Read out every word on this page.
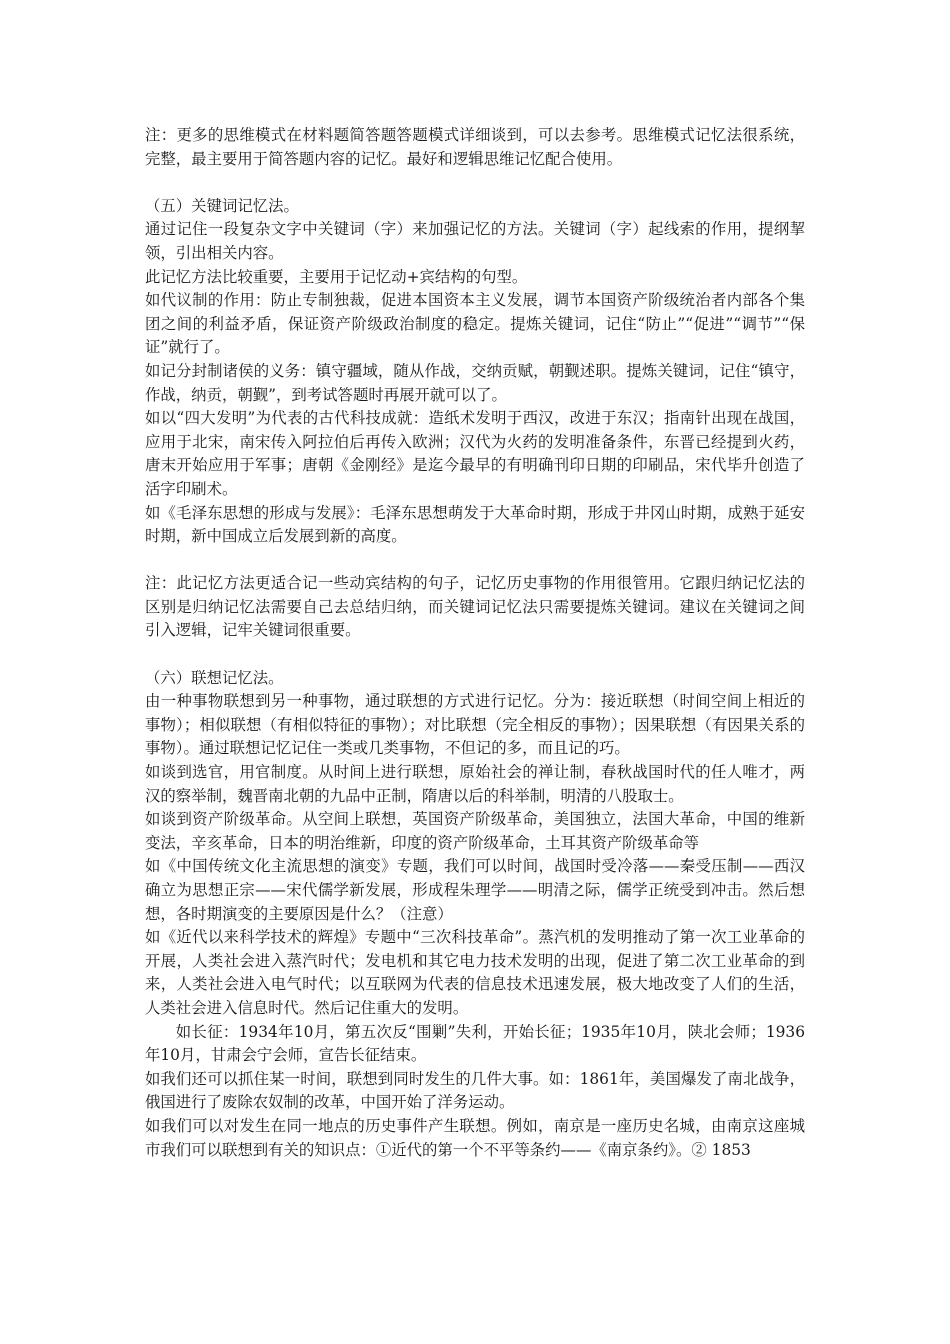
注：更多的思维模式在材料题简答题答题模式详细谈到，可以去参考。思维模式记忆法很系统，完整，最主要用于简答题内容的记忆。最好和逻辑思维记忆配合使用。

（五）关键词记忆法。

通过记住一段复杂文字中关键词（字）来加强记忆的方法。关键词（字）起线索的作用，提纲挈领，引出相关内容。

此记忆方法比较重要，主要用于记忆动+宾结构的句型。

如代议制的作用：防止专制独裁，促进本国资本主义发展，调节本国资产阶级统治者内部各个集团之间的利益矛盾，保证资产阶级政治制度的稳定。提炼关键词，记住“防止”“促进”“调节”“保证”就行了。

如记分封制诸侯的义务：镇守疆域，随从作战，交纳贡赋，朝觐述职。提炼关键词，记住“镇守，作战，纳贡，朝觐”，到考试答题时再展开就可以了。

如以“四大发明”为代表的古代科技成就：造纸术发明于西汉，改进于东汉；指南针出现在战国，应用于北宋，南宋传入阿拉伯后再传入欧洲；汉代为火药的发明准备条件，东晋已经提到火药，唐末开始应用于军事；唐朝《金刚经》是迄今最早的有明确刊印日期的印刷品，宋代毕升创造了活字印刷术。

如《毛泽东思想的形成与发展》：毛泽东思想萌发于大革命时期，形成于井冈山时期，成熟于延安时期，新中国成立后发展到新的高度。

注：此记忆方法更适合记一些动宾结构的句子，记忆历史事物的作用很管用。它跟归纳记忆法的区别是归纳记忆法需要自己去总结归纳，而关键词记忆法只需要提炼关键词。建议在关键词之间引入逻辑，记牢关键词很重要。

（六）联想记忆法。

由一种事物联想到另一种事物，通过联想的方式进行记忆。分为：接近联想（时间空间上相近的事物）；相似联想（有相似特征的事物）；对比联想（完全相反的事物）；因果联想（有因果关系的事物）。通过联想记忆记住一类或几类事物，不但记的多，而且记的巧。

如谈到选官，用官制度。从时间上进行联想，原始社会的禅让制，春秋战国时代的任人唯才，两汉的察举制，魏晋南北朝的九品中正制，隋唐以后的科举制，明清的八股取士。

如谈到资产阶级革命。从空间上联想，英国资产阶级革命，美国独立，法国大革命，中国的维新变法，辛亥革命，日本的明治维新，印度的资产阶级革命，土耳其资产阶级革命等

如《中国传统文化主流思想的演变》专题，我们可以时间，战国时受冷落——秦受压制——西汉确立为思想正宗——宋代儒学新发展，形成程朱理学——明清之际，儒学正统受到冲击。然后想想，各时期演变的主要原因是什么？（注意）

如《近代以来科学技术的辉煌》专题中“三次科技革命”。蒸汽机的发明推动了第一次工业革命的开展，人类社会进入蒸汽时代；发电机和其它电力技术发明的出现，促进了第二次工业革命的到来，人类社会进入电气时代；以互联网为代表的信息技术迅速发展，极大地改变了人们的生活，人类社会进入信息时代。然后记住重大的发明。

如长征：1934年10月，第五次反“围剿”失利，开始长征；1935年10月，陕北会师；1936年10月，甘肃会宁会师，宣告长征结束。

如我们还可以抓住某一时间，联想到同时发生的几件大事。如：1861年，美国爆发了南北战争，俄国进行了废除农奴制的改革，中国开始了洋务运动。

如我们可以对发生在同一地点的历史事件产生联想。例如，南京是一座历史名城，由南京这座城市我们可以联想到有关的知识点：①近代的第一个不平等条约——《南京条约》。② 1853
